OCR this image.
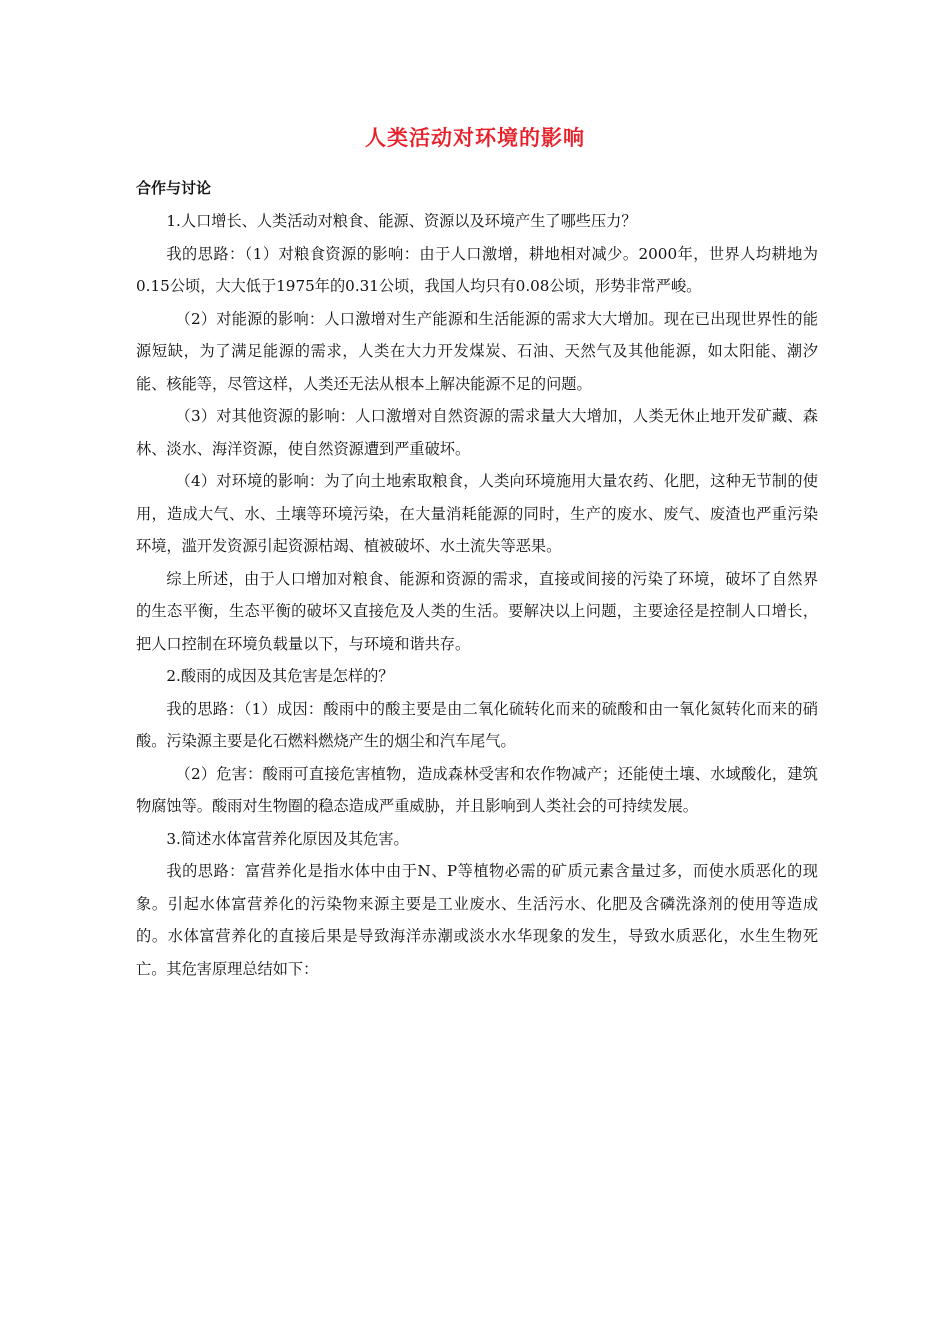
人类活动对环境的影响
合作与讨论

1.人口增长、人类活动对粮食、能源、资源以及环境产生了哪些压力？

我的思路：（1）对粮食资源的影响：由于人口激增，耕地相对减少。2000年，世界人均耕地为0.15公顷，大大低于1975年的0.31公顷，我国人均只有0.08公顷，形势非常严峻。

（2）对能源的影响：人口激增对生产能源和生活能源的需求大大增加。现在已出现世界性的能源短缺，为了满足能源的需求，人类在大力开发煤炭、石油、天然气及其他能源，如太阳能、潮汐能、核能等，尽管这样，人类还无法从根本上解决能源不足的问题。

（3）对其他资源的影响：人口激增对自然资源的需求量大大增加，人类无休止地开发矿藏、森林、淡水、海洋资源，使自然资源遭到严重破坏。

（4）对环境的影响：为了向土地索取粮食，人类向环境施用大量农药、化肥，这种无节制的使用，造成大气、水、土壤等环境污染，在大量消耗能源的同时，生产的废水、废气、废渣也严重污染环境，滥开发资源引起资源枯竭、植被破坏、水土流失等恶果。

综上所述，由于人口增加对粮食、能源和资源的需求，直接或间接的污染了环境，破坏了自然界的生态平衡，生态平衡的破坏又直接危及人类的生活。要解决以上问题，主要途径是控制人口增长，把人口控制在环境负载量以下，与环境和谐共存。

2.酸雨的成因及其危害是怎样的？

我的思路：（1）成因：酸雨中的酸主要是由二氧化硫转化而来的硫酸和由一氧化氮转化而来的硝酸。污染源主要是化石燃料燃烧产生的烟尘和汽车尾气。

（2）危害：酸雨可直接危害植物，造成森林受害和农作物减产；还能使土壤、水域酸化，建筑物腐蚀等。酸雨对生物圈的稳态造成严重威胁，并且影响到人类社会的可持续发展。

3.简述水体富营养化原因及其危害。

我的思路：富营养化是指水体中由于N、P等植物必需的矿质元素含量过多，而使水质恶化的现象。引起水体富营养化的污染物来源主要是工业废水、生活污水、化肥及含磷洗涤剂的使用等造成的。水体富营养化的直接后果是导致海洋赤潮或淡水水华现象的发生，导致水质恶化，水生生物死亡。其危害原理总结如下：
